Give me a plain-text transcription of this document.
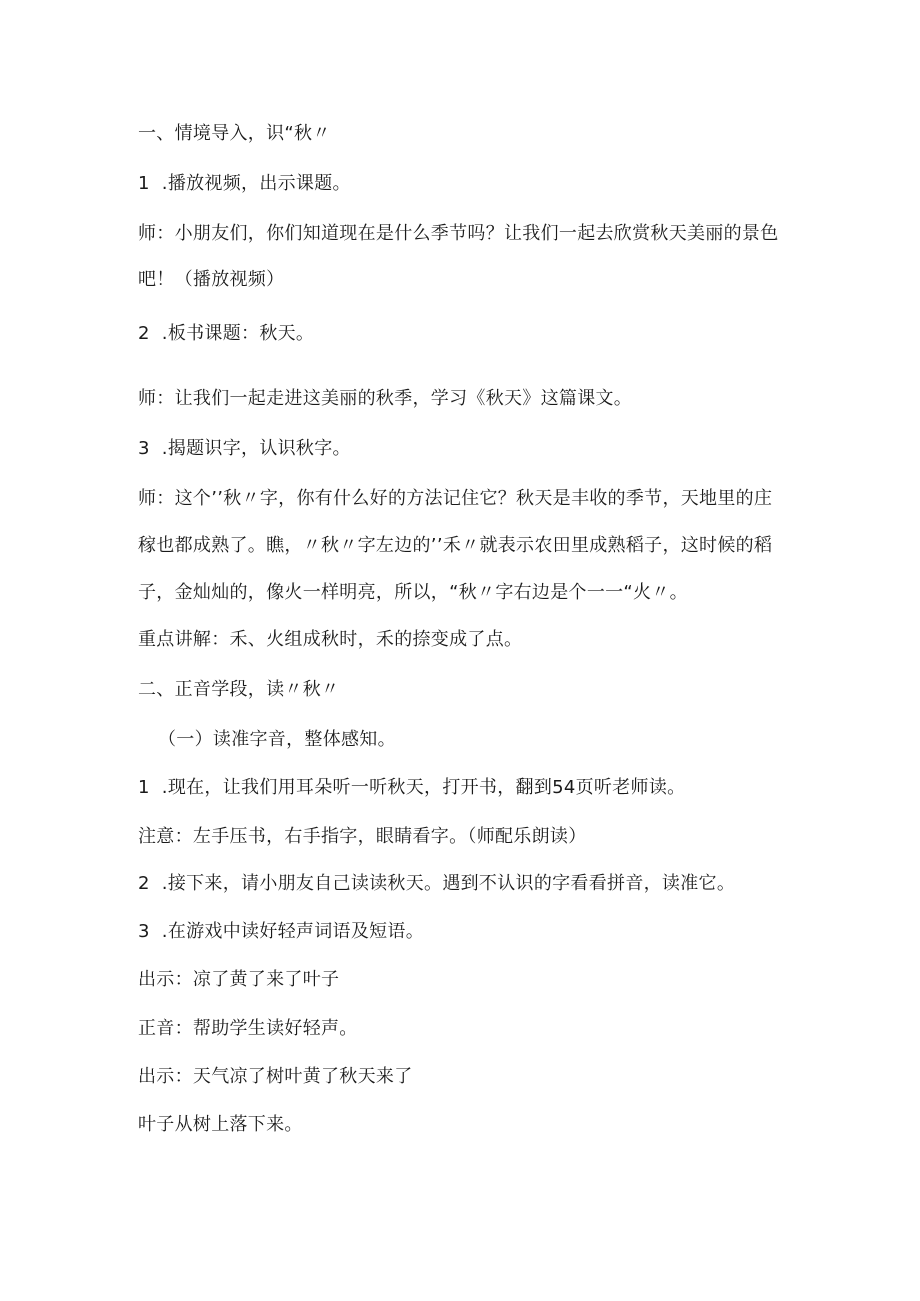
一、情境导入，识“秋〃

1  .播放视频，出示课题。

师：小朋友们，你们知道现在是什么季节吗？让我们一起去欣赏秋天美丽的景色

吧！（播放视频）

2  .板书课题：秋天。

师：让我们一起走进这美丽的秋季，学习《秋天》这篇课文。

3  .揭题识字，认识秋字。

师：这个’’秋〃字，你有什么好的方法记住它？秋天是丰收的季节，天地里的庄

稼也都成熟了。瞧，〃秋〃字左边的’’禾〃就表示农田里成熟稻子，这时候的稻

子，金灿灿的，像火一样明亮，所以，“秋〃字右边是个一一“火〃。

重点讲解：禾、火组成秋时，禾的捺变成了点。

二、正音学段，读〃秋〃

（一）读准字音，整体感知。

1  .现在，让我们用耳朵听一听秋天，打开书，翻到54页听老师读。

注意：左手压书，右手指字，眼睛看字。（师配乐朗读）

2  .接下来，请小朋友自己读读秋天。遇到不认识的字看看拼音，读准它。

3  .在游戏中读好轻声词语及短语。

出示：凉了黄了来了叶子

正音：帮助学生读好轻声。

出示：天气凉了树叶黄了秋天来了

叶子从树上落下来。
